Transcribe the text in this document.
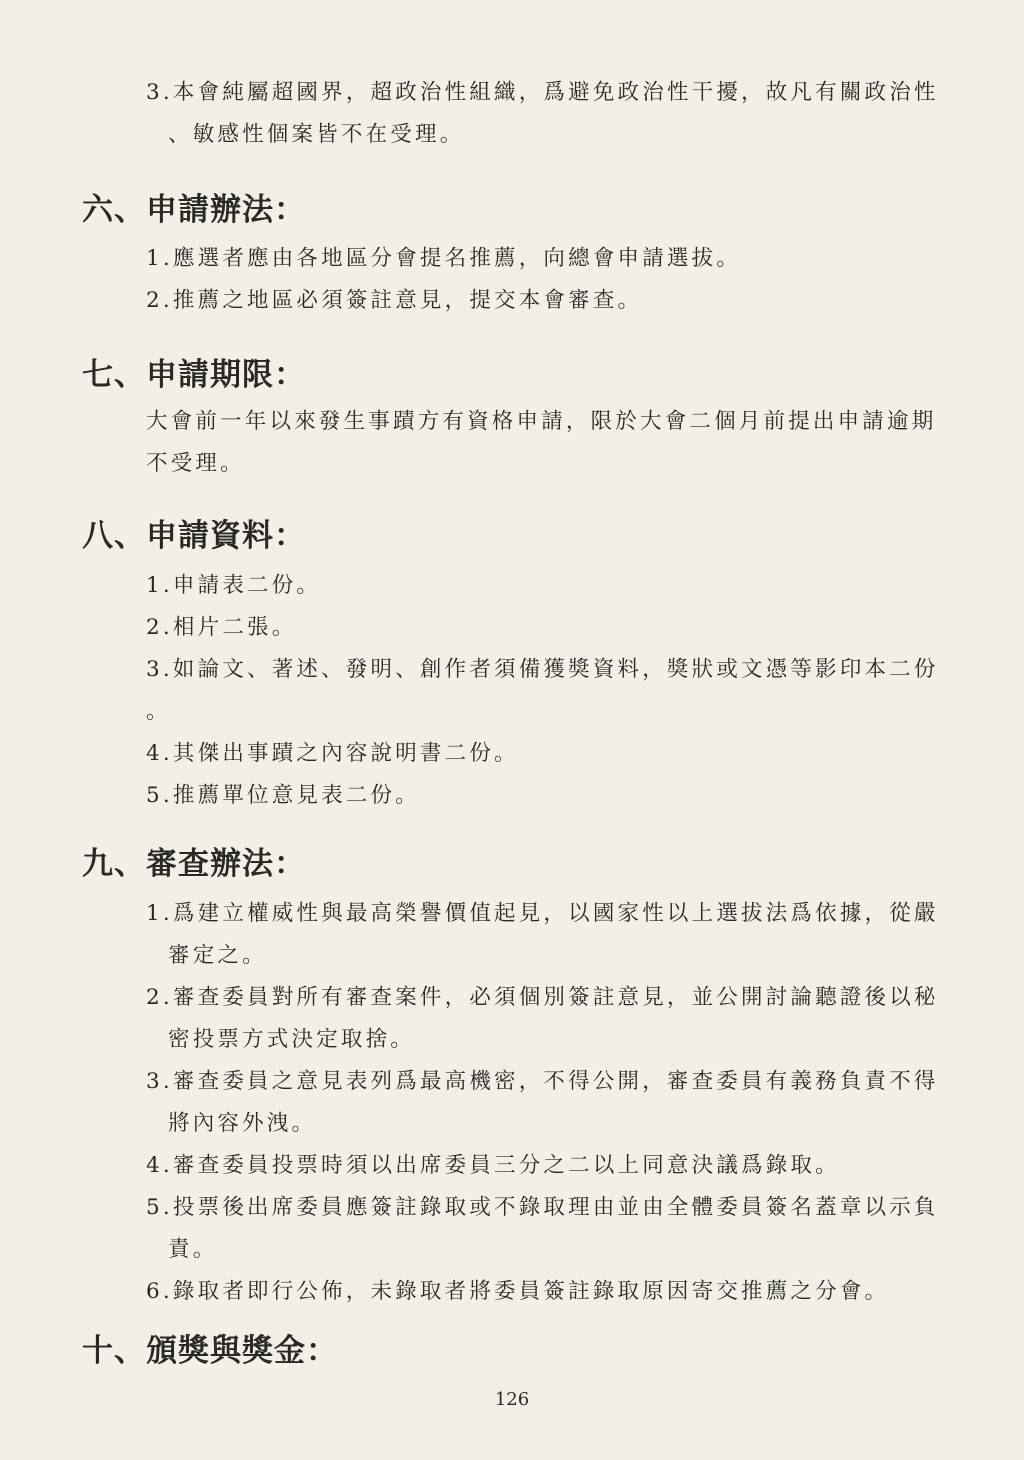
3.本會純屬超國界，超政治性組織，爲避免政治性干擾，故凡有關政治性
、敏感性個案皆不在受理。
六、申請辦法：
1.應選者應由各地區分會提名推薦，向總會申請選拔。
2.推薦之地區必須簽註意見，提交本會審查。
七、申請期限：
大會前一年以來發生事蹟方有資格申請，限於大會二個月前提出申請逾期
不受理。
八、申請資料：
1.申請表二份。
2.相片二張。
3.如論文、著述、發明、創作者須備獲獎資料，獎狀或文憑等影印本二份
。
4.其傑出事蹟之內容說明書二份。
5.推薦單位意見表二份。
九、審查辦法：
1.爲建立權威性與最高榮譽價值起見，以國家性以上選拔法爲依據，從嚴
審定之。
2.審查委員對所有審查案件，必須個別簽註意見，並公開討論聽證後以秘
密投票方式決定取捨。
3.審查委員之意見表列爲最高機密，不得公開，審查委員有義務負責不得
將內容外洩。
4.審查委員投票時須以出席委員三分之二以上同意決議爲錄取。
5.投票後出席委員應簽註錄取或不錄取理由並由全體委員簽名蓋章以示負
責。
6.錄取者即行公佈，未錄取者將委員簽註錄取原因寄交推薦之分會。
十、頒獎與獎金：
126
